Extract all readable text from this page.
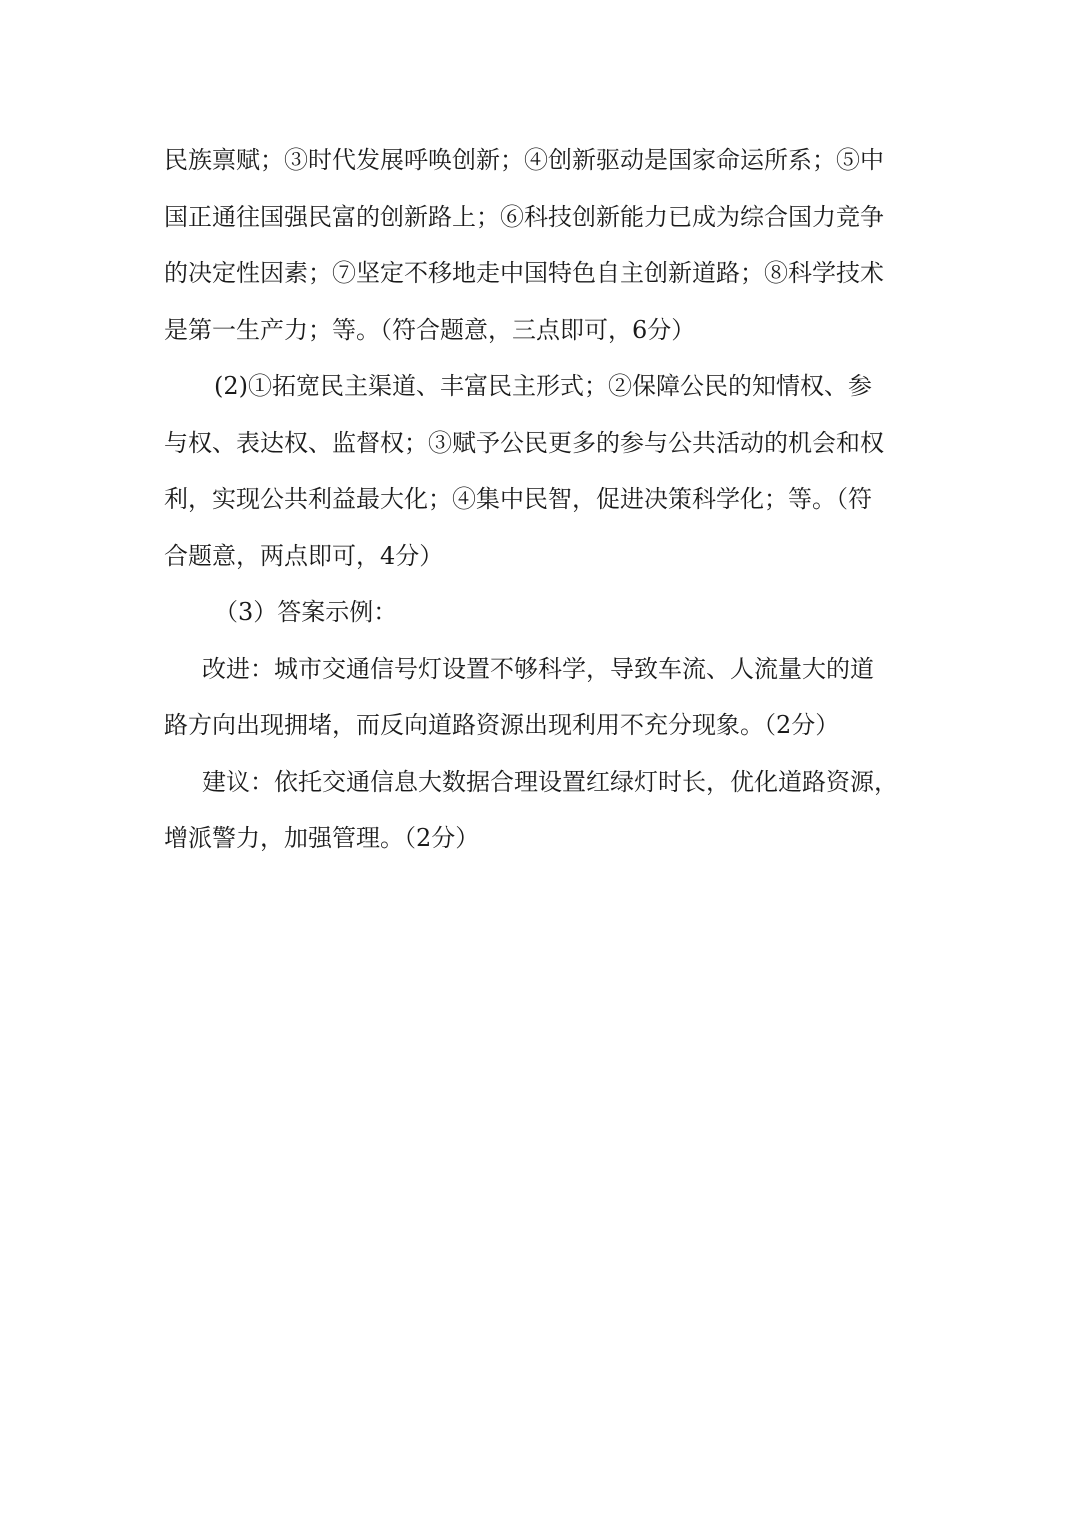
民族禀赋；③时代发展呼唤创新；④创新驱动是国家命运所系；⑤中
国正通往国强民富的创新路上；⑥科技创新能力已成为综合国力竞争
的决定性因素；⑦坚定不移地走中国特色自主创新道路；⑧科学技术
是第一生产力；等。（符合题意，三点即可，6分）
(2)①拓宽民主渠道、丰富民主形式；②保障公民的知情权、参
与权、表达权、监督权；③赋予公民更多的参与公共活动的机会和权
利，实现公共利益最大化；④集中民智，促进决策科学化；等。（符
合题意，两点即可，4分）
（3）答案示例：
改进：城市交通信号灯设置不够科学，导致车流、人流量大的道
路方向出现拥堵，而反向道路资源出现利用不充分现象。（2分）
建议：依托交通信息大数据合理设置红绿灯时长，优化道路资源，
增派警力，加强管理。（2分）
